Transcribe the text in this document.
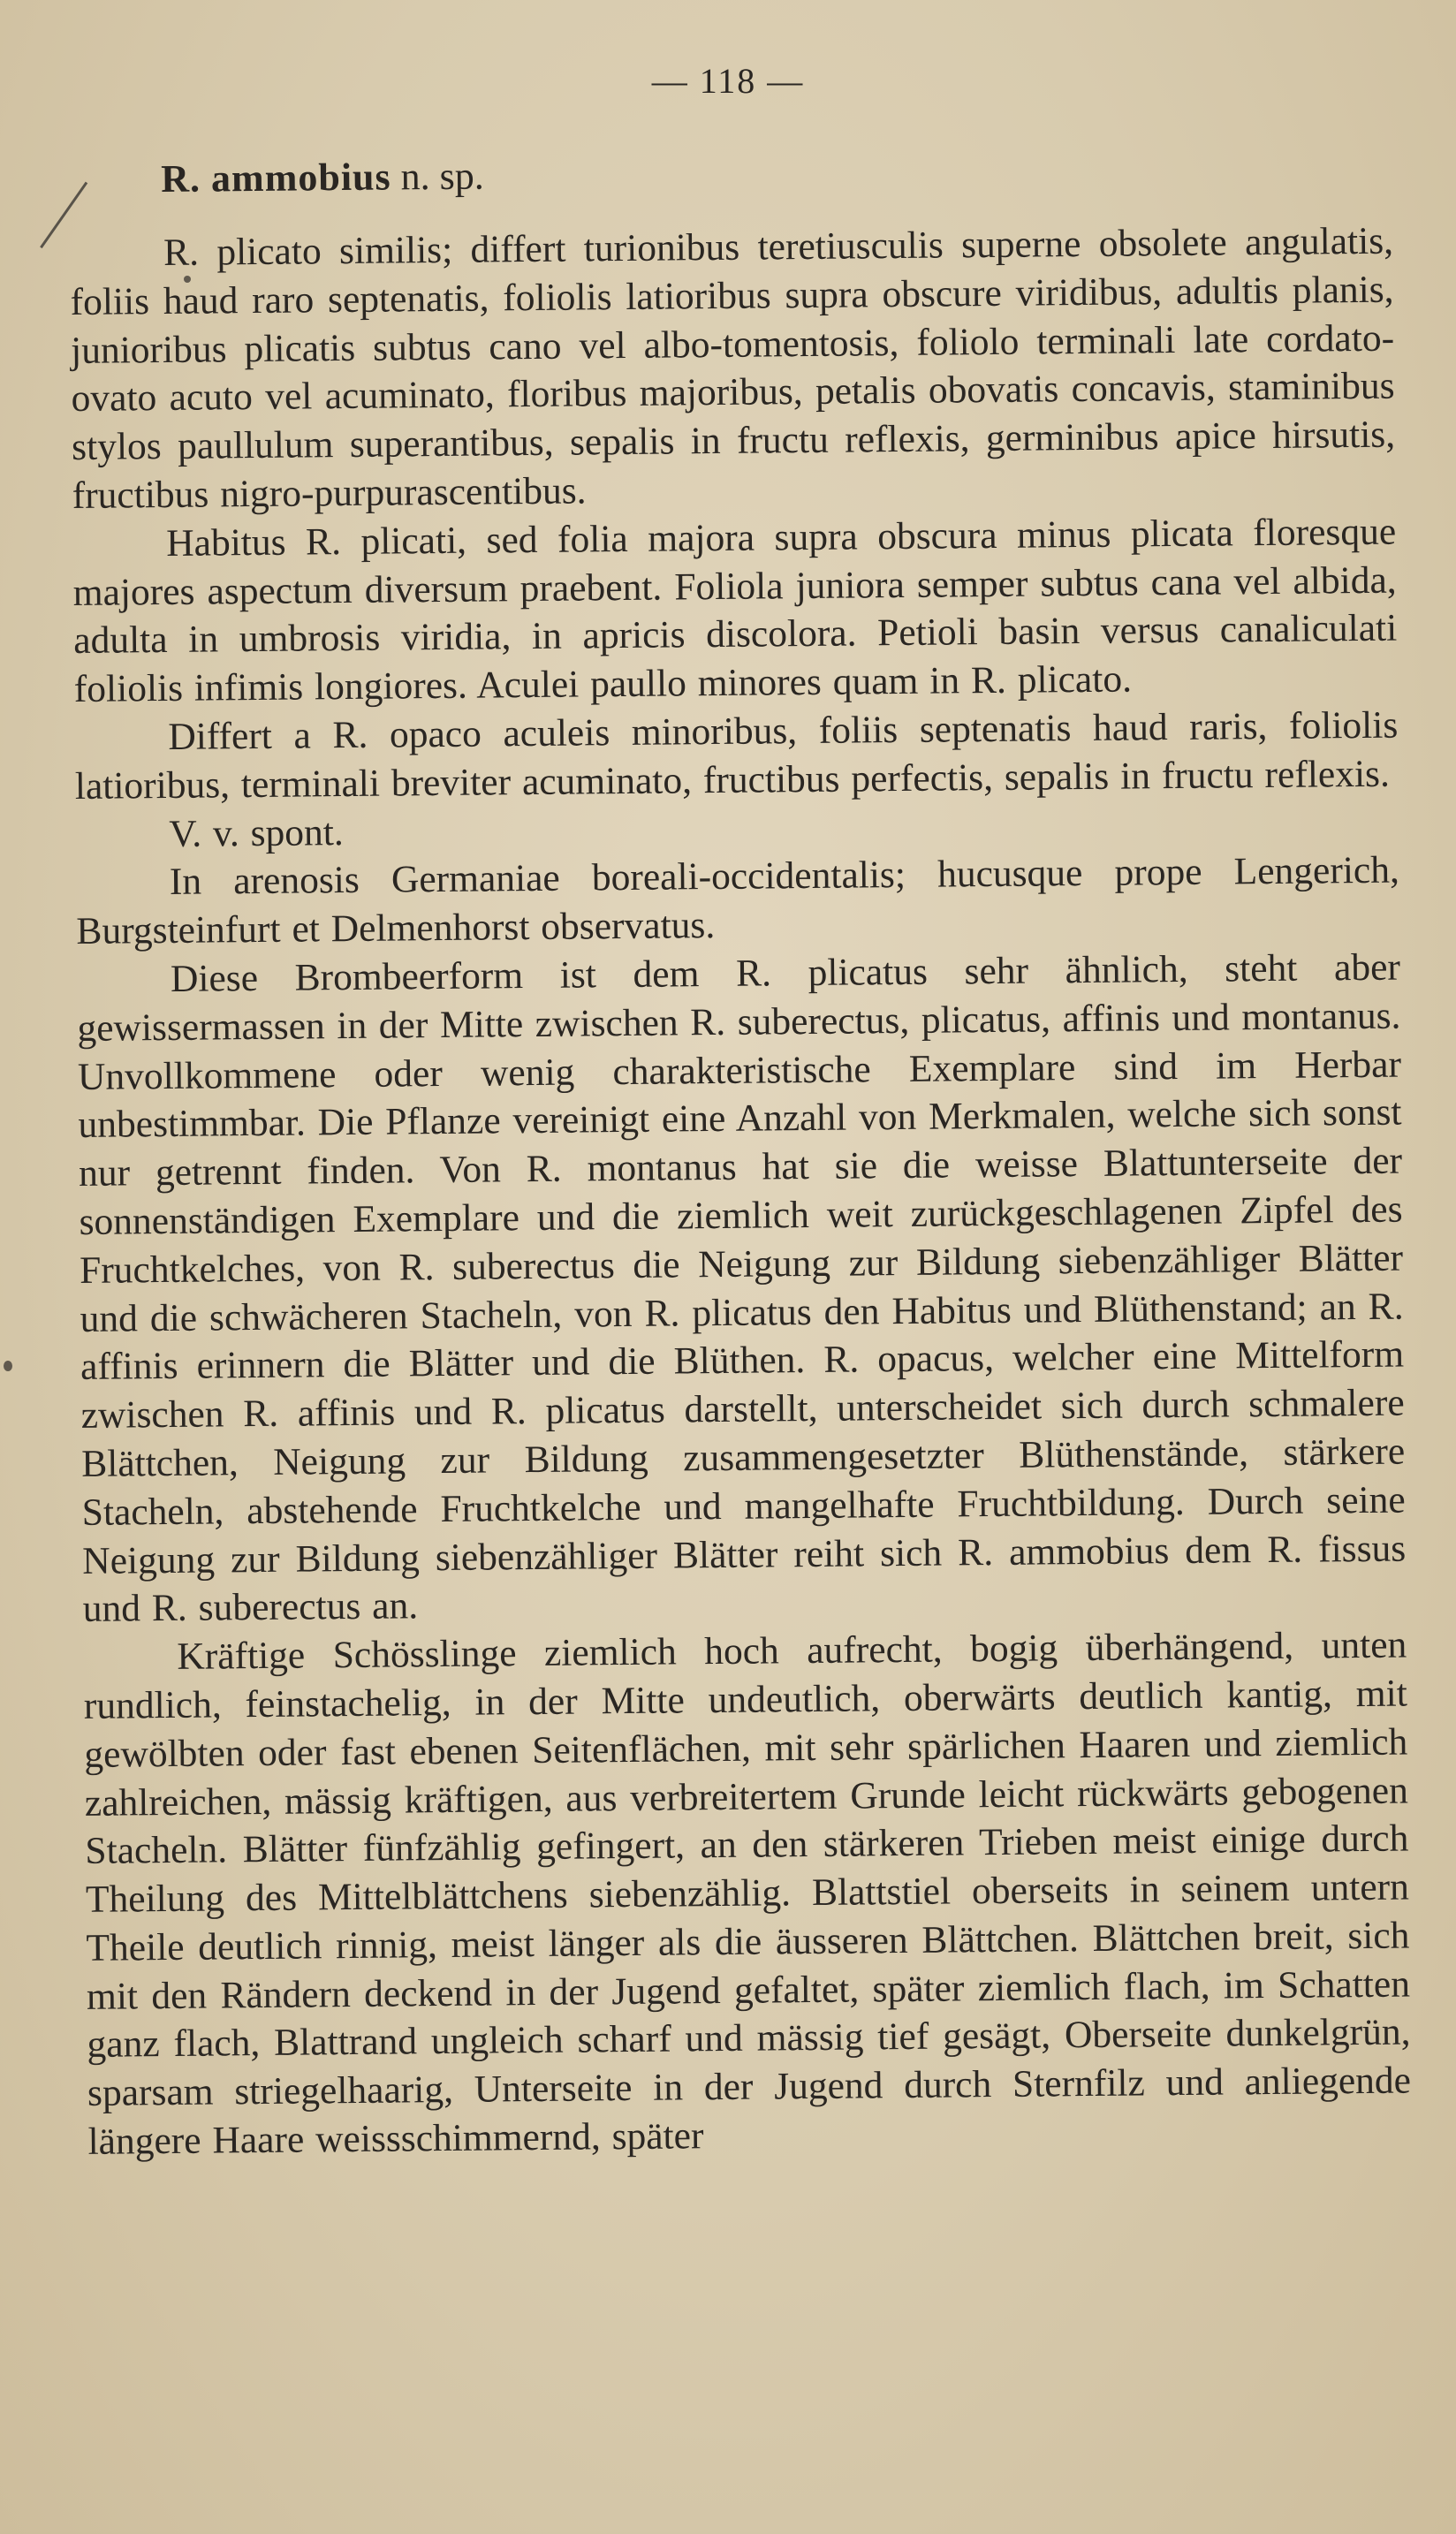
— 118 —
R. ammobius n. sp.

R. plicato similis; differt turionibus teretiusculis superne obsolete angulatis, foliis haud raro septenatis, foliolis latioribus supra obscure viridibus, adultis planis, junioribus plicatis subtus cano vel albo-tomentosis, foliolo terminali late cordato-ovato acuto vel acuminato, floribus majoribus, petalis obovatis concavis, staminibus stylos paullulum superantibus, sepalis in fructu reflexis, germinibus apice hirsutis, fructibus nigro-purpurascentibus.

Habitus R. plicati, sed folia majora supra obscura minus plicata floresque majores aspectum diversum praebent. Foliola juniora semper subtus cana vel albida, adulta in umbrosis viridia, in apricis discolora. Petioli basin versus canaliculati foliolis infimis longiores. Aculei paullo minores quam in R. plicato.

Differt a R. opaco aculeis minoribus, foliis septenatis haud raris, foliolis latioribus, terminali breviter acuminato, fructibus perfectis, sepalis in fructu reflexis.

V. v. spont.

In arenosis Germaniae boreali-occidentalis; hucusque prope Lengerich, Burgsteinfurt et Delmenhorst observatus.

Diese Brombeerform ist dem R. plicatus sehr ähnlich, steht aber gewissermassen in der Mitte zwischen R. suberectus, plicatus, affinis und montanus. Unvollkommene oder wenig charakteristische Exemplare sind im Herbar unbestimmbar. Die Pflanze vereinigt eine Anzahl von Merkmalen, welche sich sonst nur getrennt finden. Von R. montanus hat sie die weisse Blattunterseite der sonnenständigen Exemplare und die ziemlich weit zurückgeschlagenen Zipfel des Fruchtkelches, von R. suberectus die Neigung zur Bildung siebenzähliger Blätter und die schwächeren Stacheln, von R. plicatus den Habitus und Blüthenstand; an R. affinis erinnern die Blätter und die Blüthen. R. opacus, welcher eine Mittelform zwischen R. affinis und R. plicatus darstellt, unterscheidet sich durch schmalere Blättchen, Neigung zur Bildung zusammengesetzter Blüthenstände, stärkere Stacheln, abstehende Fruchtkelche und mangelhafte Fruchtbildung. Durch seine Neigung zur Bildung siebenzähliger Blätter reiht sich R. ammobius dem R. fissus und R. suberectus an.

Kräftige Schösslinge ziemlich hoch aufrecht, bogig überhängend, unten rundlich, feinstachelig, in der Mitte undeutlich, oberwärts deutlich kantig, mit gewölbten oder fast ebenen Seitenflächen, mit sehr spärlichen Haaren und ziemlich zahlreichen, mässig kräftigen, aus verbreitertem Grunde leicht rückwärts gebogenen Stacheln. Blätter fünfzählig gefingert, an den stärkeren Trieben meist einige durch Theilung des Mittelblättchens siebenzählig. Blattstiel oberseits in seinem untern Theile deutlich rinnig, meist länger als die äusseren Blättchen. Blättchen breit, sich mit den Rändern deckend in der Jugend gefaltet, später ziemlich flach, im Schatten ganz flach, Blattrand ungleich scharf und mässig tief gesägt, Oberseite dunkelgrün, sparsam striegelhaarig, Unterseite in der Jugend durch Sternfilz und anliegende längere Haare weissschimmernd, später
